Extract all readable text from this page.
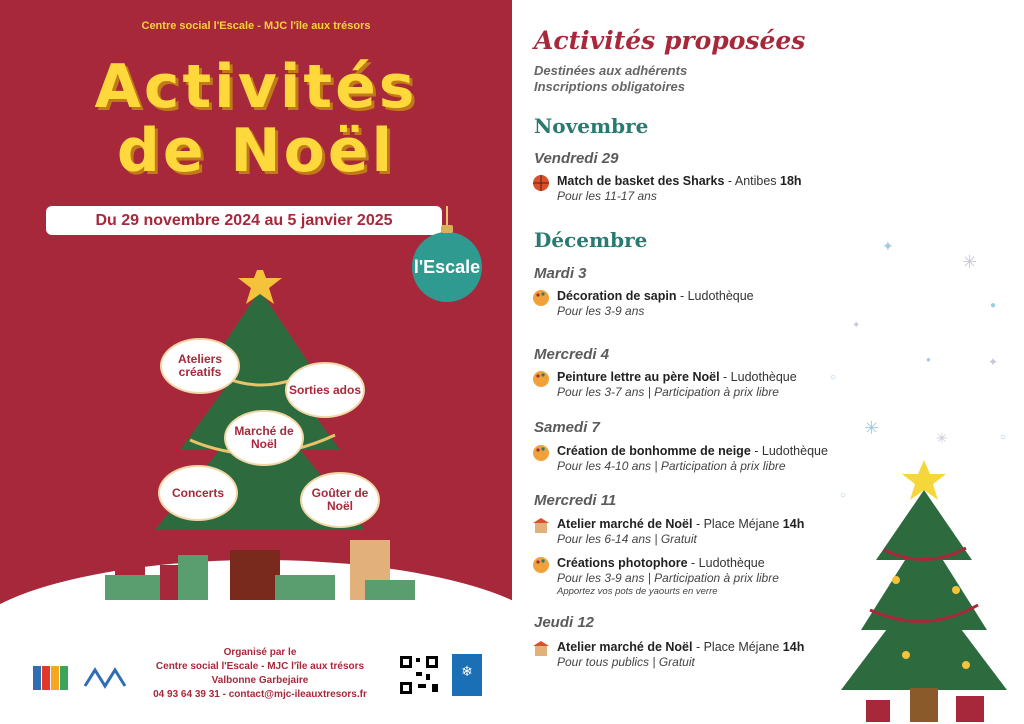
Centre social l'Escale - MJC l'île aux trésors
Activités
de Noël
Du 29 novembre 2024 au 5 janvier 2025
l'Escale
Ateliers créatifs
Sorties ados
Marché de Noël
Concerts	Goûter de Noël
Organisé par le
Centre social l'Escale - MJC l'île aux trésors
Valbonne Garbejaire
04 93 64 39 31 - contact@mjc-ileauxtresors.fr
❄
Activités proposées
Destinées aux adhérents
Inscriptions obligatoires
Novembre
Vendredi 29
Match de basket des Sharks - Antibes 18h
Pour les 11-17 ans
Décembre
Mardi 3
Décoration de sapin - Ludothèque
Pour les 3-9 ans
Mercredi 4
Peinture lettre au père Noël - Ludothèque
Pour les 3-7 ans | Participation à prix libre
Samedi 7
Création de bonhomme de neige - Ludothèque
Pour les 4-10 ans | Participation à prix libre
Mercredi 11
Atelier marché de Noël - Place Méjane 14h
Pour les 6-14 ans | Gratuit
Créations photophore - Ludothèque
Pour les 3-9 ans | Participation à prix libre
Apportez vos pots de yaourts en verre
Jeudi 12
Atelier marché de Noël - Place Méjane 14h
Pour tous publics | Gratuit
✦
✳
●
✦
●
○
✦
✳	✳	○
○
